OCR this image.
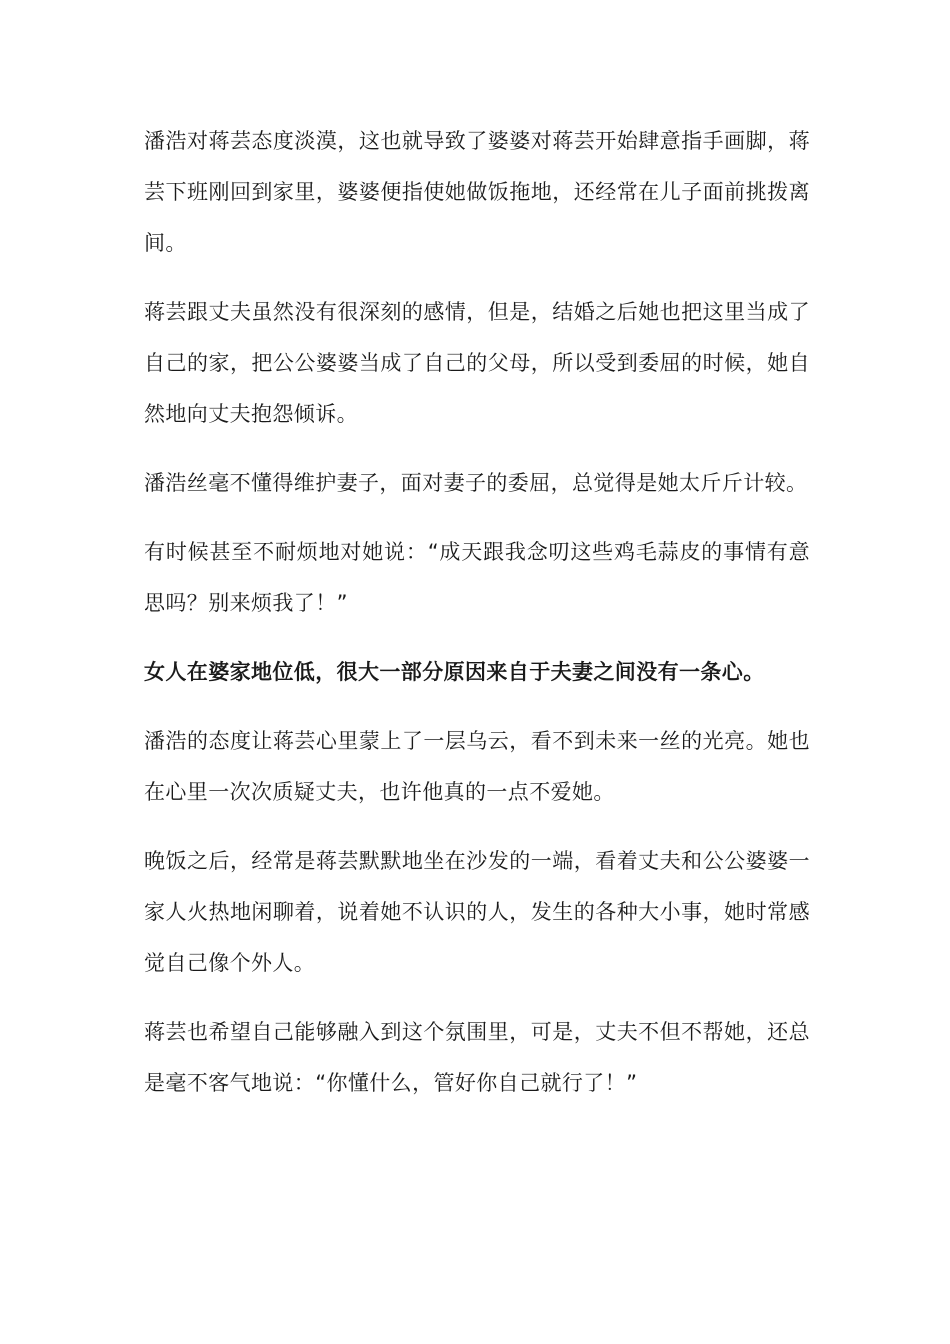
潘浩对蒋芸态度淡漠，这也就导致了婆婆对蒋芸开始肆意指手画脚，蒋芸下班刚回到家里，婆婆便指使她做饭拖地，还经常在儿子面前挑拨离间。

蒋芸跟丈夫虽然没有很深刻的感情，但是，结婚之后她也把这里当成了自己的家，把公公婆婆当成了自己的父母，所以受到委屈的时候，她自然地向丈夫抱怨倾诉。

潘浩丝毫不懂得维护妻子，面对妻子的委屈，总觉得是她太斤斤计较。

有时候甚至不耐烦地对她说：“成天跟我念叨这些鸡毛蒜皮的事情有意思吗？别来烦我了！”

女人在婆家地位低，很大一部分原因来自于夫妻之间没有一条心。

潘浩的态度让蒋芸心里蒙上了一层乌云，看不到未来一丝的光亮。她也在心里一次次质疑丈夫，也许他真的一点不爱她。

晚饭之后，经常是蒋芸默默地坐在沙发的一端，看着丈夫和公公婆婆一家人火热地闲聊着，说着她不认识的人，发生的各种大小事，她时常感觉自己像个外人。

蒋芸也希望自己能够融入到这个氛围里，可是，丈夫不但不帮她，还总是毫不客气地说：“你懂什么，管好你自己就行了！”
